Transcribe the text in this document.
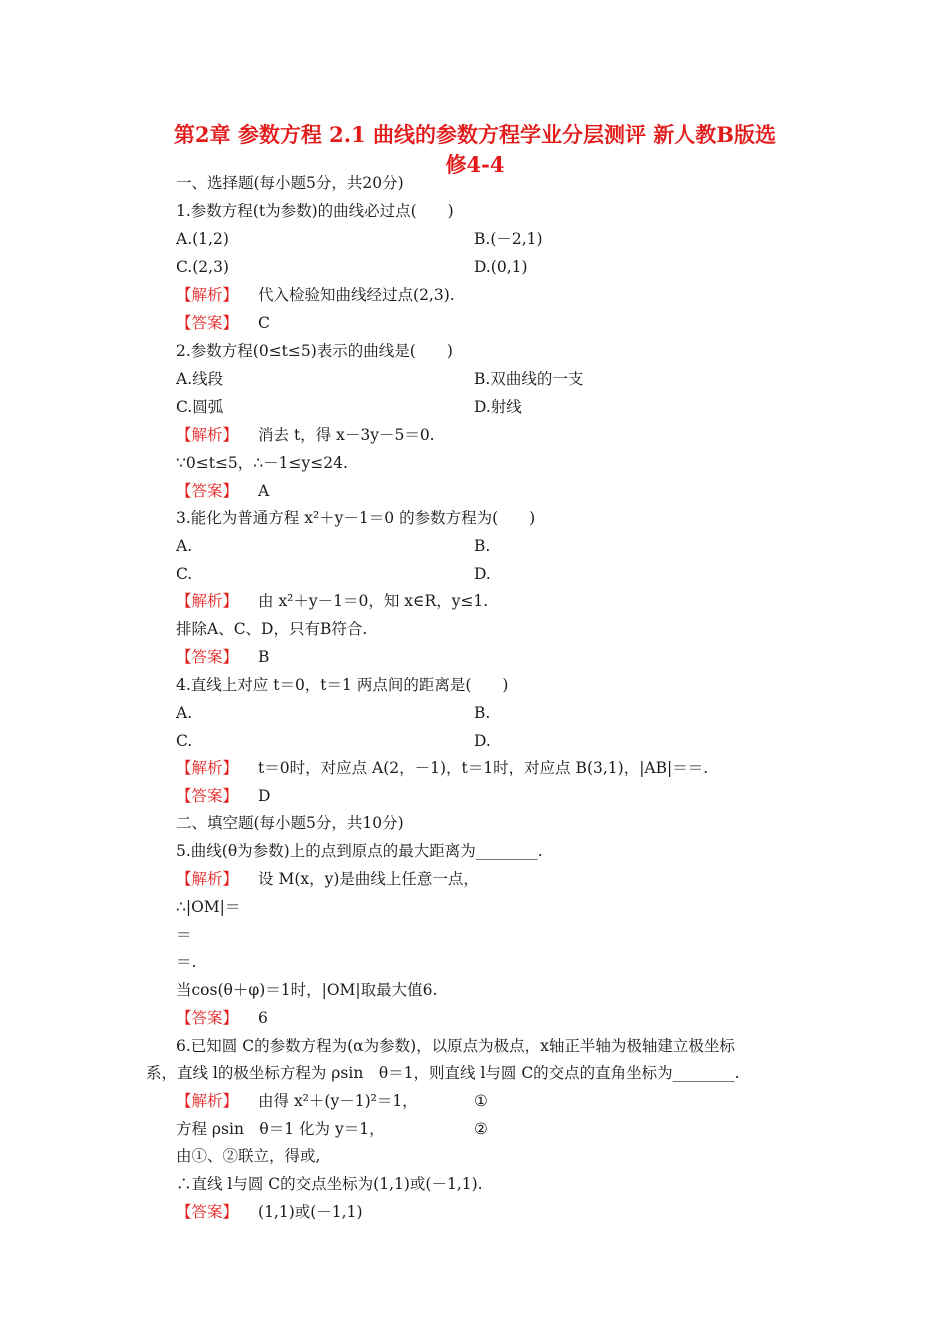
第2章 参数方程 2.1 曲线的参数方程学业分层测评 新人教B版选
修4-4
一、选择题(每小题5分，共20分)
1.参数方程(t为参数)的曲线必过点(　　)
A.(1,2)	B.(－2,1)
C.(2,3)	D.(0,1)
【解析】 代入检验知曲线经过点(2,3).
【答案】 C
2.参数方程(0≤t≤5)表示的曲线是(　　)
A.线段	B.双曲线的一支
C.圆弧	D.射线
【解析】 消去 t，得 x－3y－5＝0.
∵0≤t≤5，∴－1≤y≤24.
【答案】 A
3.能化为普通方程 x²＋y－1＝0 的参数方程为(　　)
A.	B.
C.	D.
【解析】 由 x²＋y－1＝0，知 x∈R，y≤1.
排除A、C、D，只有B符合.
【答案】 B
4.直线上对应 t＝0，t＝1 两点间的距离是(　　)
A.	B.
C.	D.
【解析】 t＝0时，对应点 A(2，－1)，t＝1时，对应点 B(3,1)，|AB|＝＝.
【答案】 D
二、填空题(每小题5分，共10分)
5.曲线(θ为参数)上的点到原点的最大距离为________.
【解析】 设 M(x，y)是曲线上任意一点，
∴|OM|＝
＝
＝.
当cos(θ＋φ)＝1时，|OM|取最大值6.
【答案】 6
6.已知圆 C的参数方程为(α为参数)，以原点为极点，x轴正半轴为极轴建立极坐标
系，直线 l的极坐标方程为 ρsin　θ＝1，则直线 l与圆 C的交点的直角坐标为________.
【解析】 由得 x²＋(y－1)²＝1，	①
方程 ρsin　θ＝1 化为 y＝1，	②
由①、②联立，得或,
∴直线 l与圆 C的交点坐标为(1,1)或(－1,1).
【答案】 (1,1)或(－1,1)
